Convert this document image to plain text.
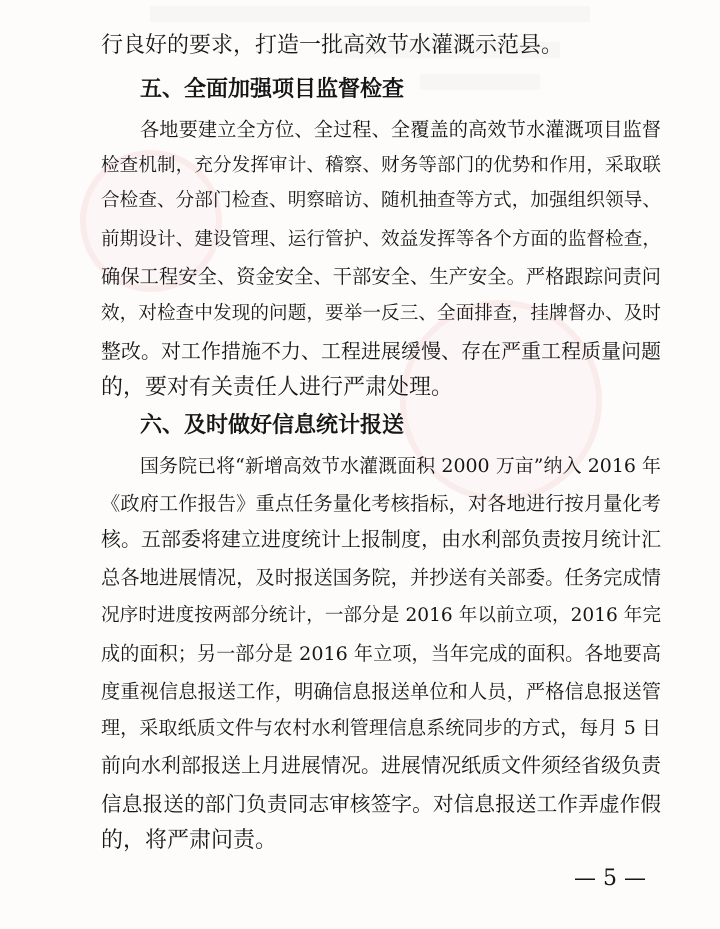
行良好的要求，打造一批高效节水灌溉示范县。
五、全面加强项目监督检查
各地要建立全方位、全过程、全覆盖的高效节水灌溉项目监督
检查机制，充分发挥审计、稽察、财务等部门的优势和作用，采取联
合检查、分部门检查、明察暗访、随机抽查等方式，加强组织领导、
前期设计、建设管理、运行管护、效益发挥等各个方面的监督检查，
确保工程安全、资金安全、干部安全、生产安全。严格跟踪问责问
效，对检查中发现的问题，要举一反三、全面排查，挂牌督办、及时
整改。对工作措施不力、工程进展缓慢、存在严重工程质量问题
的，要对有关责任人进行严肃处理。
六、及时做好信息统计报送
国务院已将“新增高效节水灌溉面积 2000 万亩”纳入 2016 年
《政府工作报告》重点任务量化考核指标，对各地进行按月量化考
核。五部委将建立进度统计上报制度，由水利部负责按月统计汇
总各地进展情况，及时报送国务院，并抄送有关部委。任务完成情
况序时进度按两部分统计，一部分是 2016 年以前立项，2016 年完
成的面积；另一部分是 2016 年立项，当年完成的面积。各地要高
度重视信息报送工作，明确信息报送单位和人员，严格信息报送管
理，采取纸质文件与农村水利管理信息系统同步的方式，每月 5 日
前向水利部报送上月进展情况。进展情况纸质文件须经省级负责
信息报送的部门负责同志审核签字。对信息报送工作弄虚作假
的，将严肃问责。
— 5 —
